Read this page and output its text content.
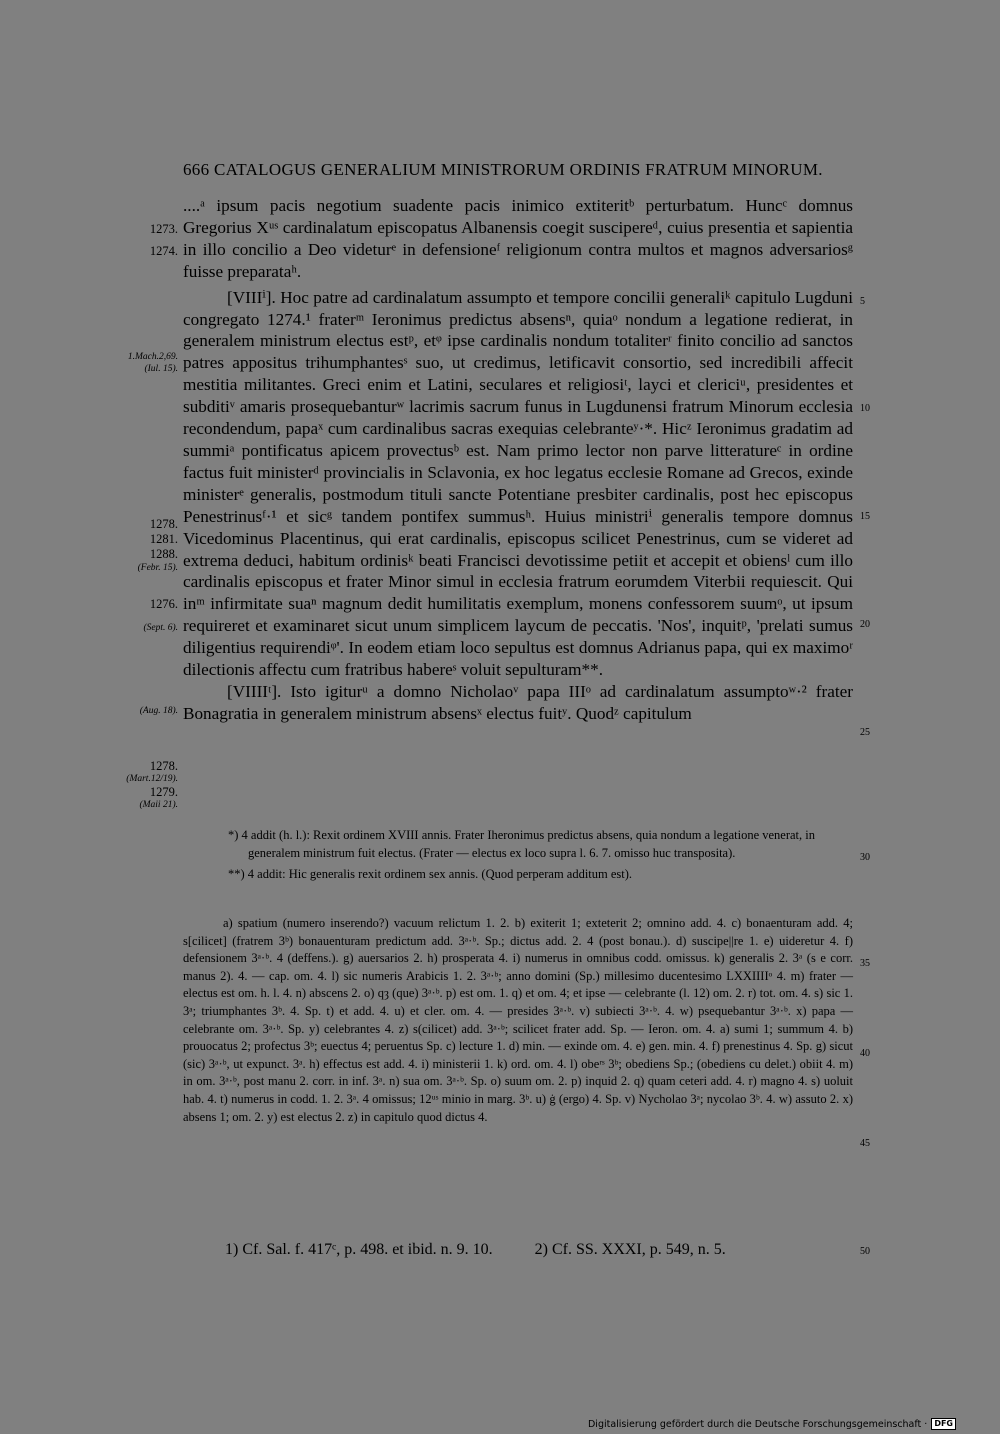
666 CATALOGUS GENERALIUM MINISTRORUM ORDINIS FRATRUM MINORUM.

....ᵃ ipsum pacis negotium suadente pacis inimico extiteritᵇ perturbatum. Huncᶜ domnus Gregorius Xᵘˢ cardinalatum episcopatus Albanensis coegit suscipereᵈ, cuius presentia et sapientia in illo concilio a Deo videturᵉ in defensioneᶠ religionum contra multos et magnos adversariosᵍ fuisse preparataʰ.

[VIIIⁱ]. Hoc patre ad cardinalatum assumpto et tempore concilii generaliᵏ capitulo Lugduni congregato 1274.¹ fraterᵐ Ieronimus predictus absensⁿ, quiaᵒ nondum a legatione redierat, in generalem ministrum electus estᵖ, etᵠ ipse cardinalis nondum totaliterʳ finito concilio ad sanctos patres appositus trihumphantesˢ suo, ut credimus, letificavit consortio, sed incredibili affecit mestitia militantes. Greci enim et Latini, seculares et religiosiᵗ, layci et clericiᵘ, presidentes et subditiᵛ amaris prosequebanturʷ lacrimis sacrum funus in Lugdunensi fratrum Minorum ecclesia recondendum, papaˣ cum cardinalibus sacras exequias celebranteʸ·*. Hicᶻ Ieronimus gradatim ad summiᵃ pontificatus apicem provectusᵇ est. Nam primo lector non parve litteratureᶜ in ordine factus fuit ministerᵈ provincialis in Sclavonia, ex hoc legatus ecclesie Romane ad Grecos, exinde ministerᵉ generalis, postmodum tituli sancte Potentiane presbiter cardinalis, post hec episcopus Penestrinusᶠ·¹ et sicᵍ tandem pontifex summusʰ. Huius ministriⁱ generalis tempore domnus Vicedominus Placentinus, qui erat cardinalis, episcopus scilicet Penestrinus, cum se videret ad extrema deduci, habitum ordinisᵏ beati Francisci devotissime petiit et accepit et obiensˡ cum illo cardinalis episcopus et frater Minor simul in ecclesia fratrum eorumdem Viterbii requiescit. Qui inᵐ infirmitate suaⁿ magnum dedit humilitatis exemplum, monens confessorem suumᵒ, ut ipsum requireret et examinaret sicut unum simplicem laycum de peccatis. 'Nos', inquitᵖ, 'prelati sumus diligentius requirendiᵠ'. In eodem etiam loco sepultus est domnus Adrianus papa, qui ex maximoʳ dilectionis affectu cum fratribus habereˢ voluit sepulturam**.

[VIIIIᵗ]. Isto igiturᵘ a domno Nicholaoᵛ papa IIIᵒ ad cardinalatum assumptoʷ·² frater Bonagratia in generalem ministrum absensˣ electus fuitʸ. Quodᶻ capitulum

1273.
1274.
1.Mach.2,69.
(Iul. 15).
1278.
1281.
1288.
(Febr. 15).
1276.
(Sept. 6).
(Aug. 18).
1278.
(Mart.12/19).
1279.
(Maii 21).
5
10
15
20
25
30
35
40
45
50

*) 4 addit (h. l.): Rexit ordinem XVIII annis. Frater Iheronimus predictus absens, quia nondum a legatione venerat, in generalem ministrum fuit electus. (Frater — electus ex loco supra l. 6. 7. omisso huc transposita).

**) 4 addit: Hic generalis rexit ordinem sex annis. (Quod perperam additum est).

a) spatium (numero inserendo?) vacuum relictum 1. 2. b) exiterit 1; exteterit 2; omnino add. 4. c) bonaenturam add. 4; s[cilicet] (fratrem 3ᵇ) bonauenturam predictum add. 3ᵃ·ᵇ. Sp.; dictus add. 2. 4 (post bonau.). d) suscipe||re 1. e) uideretur 4. f) defensionem 3ᵃ·ᵇ. 4 (deffens.). g) auersarios 2. h) prosperata 4. i) numerus in omnibus codd. omissus. k) generalis 2. 3ᵃ (s e corr. manus 2). 4. — cap. om. 4. l) sic numeris Arabicis 1. 2. 3ᵃ·ᵇ; anno domini (Sp.) millesimo ducentesimo LXXIIIIᵒ 4. m) frater — electus est om. h. l. 4. n) abscens 2. o) qȝ (que) 3ᵃ·ᵇ. p) est om. 1. q) et om. 4; et ipse — celebrante (l. 12) om. 2. r) tot. om. 4. s) sic 1. 3ᵃ; triumphantes 3ᵇ. 4. Sp. t) et add. 4. u) et cler. om. 4. — presides 3ᵃ·ᵇ. v) subiecti 3ᵃ·ᵇ. 4. w) psequebantur 3ᵃ·ᵇ. x) papa — celebrante om. 3ᵃ·ᵇ. Sp. y) celebrantes 4. z) s(cilicet) add. 3ᵃ·ᵇ; scilicet frater add. Sp. — Ieron. om. 4. a) sumi 1; summum 4. b) prouocatus 2; profectus 3ᵇ; euectus 4; peruentus Sp. c) lecture 1. d) min. — exinde om. 4. e) gen. min. 4. f) prenestinus 4. Sp. g) sicut (sic) 3ᵃ·ᵇ, ut expunct. 3ᵃ. h) effectus est add. 4. i) ministerii 1. k) ord. om. 4. l) obeʳˢ 3ᵇ; obediens Sp.; (obediens cu delet.) obiit 4. m) in om. 3ᵃ·ᵇ, post manu 2. corr. in inf. 3ᵃ. n) sua om. 3ᵃ·ᵇ. Sp. o) suum om. 2. p) inquid 2. q) quam ceteri add. 4. r) magno 4. s) uoluit hab. 4. t) numerus in codd. 1. 2. 3ᵃ. 4 omissus; 12ᵘˢ minio in marg. 3ᵇ. u) ġ (ergo) 4. Sp. v) Nycholao 3ᵃ; nycolao 3ᵇ. 4. w) assuto 2. x) absens 1; om. 2. y) est electus 2. z) in capitulo quod dictus 4.

1) Cf. Sal. f. 417ᶜ, p. 498. et ibid. n. 9. 10.	2) Cf. SS. XXXI, p. 549, n. 5.
Digitalisierung gefördert durch die Deutsche Forschungsgemeinschaft · DFG
